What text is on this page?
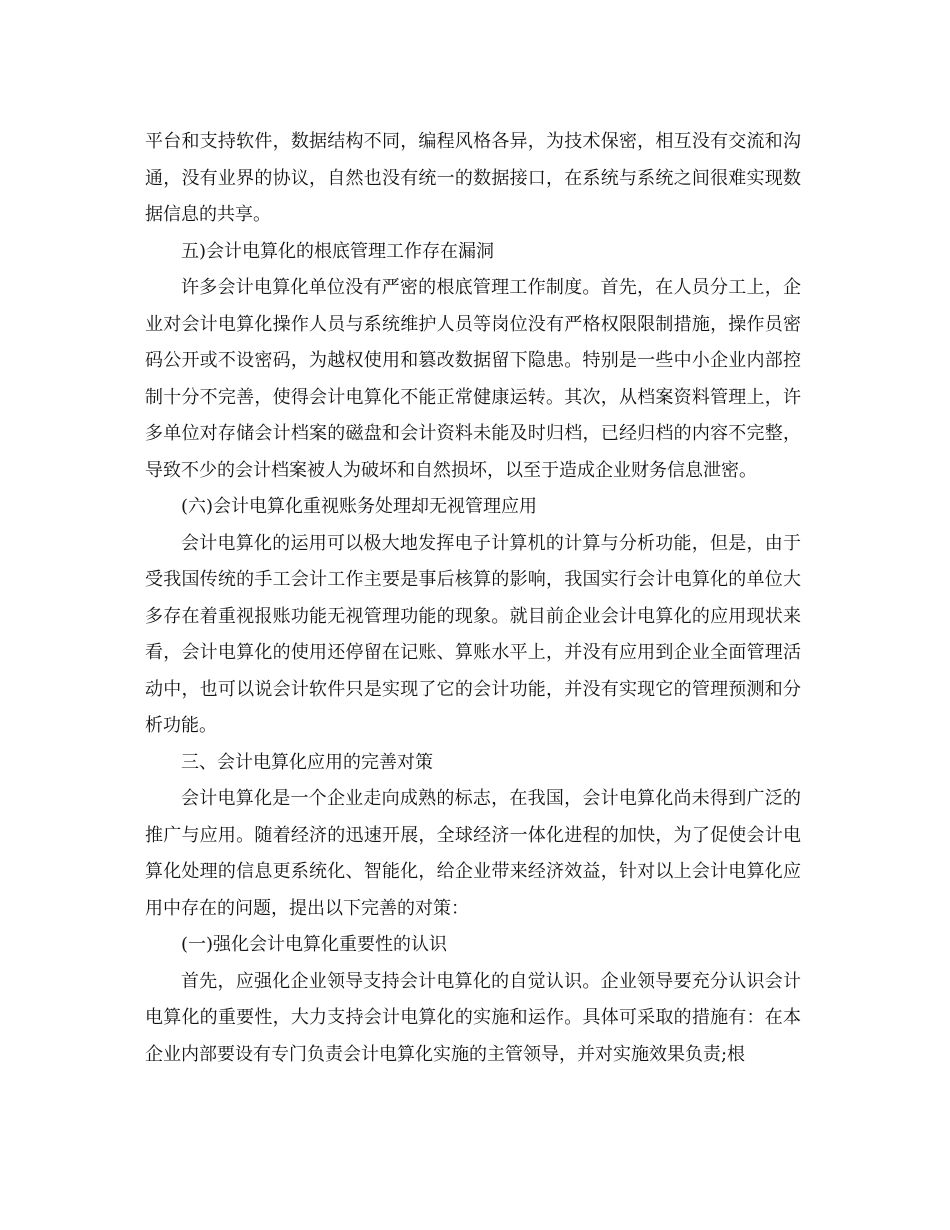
平台和支持软件，数据结构不同，编程风格各异，为技术保密，相互没有交流和沟通，没有业界的协议，自然也没有统一的数据接口，在系统与系统之间很难实现数据信息的共享。

五)会计电算化的根底管理工作存在漏洞

许多会计电算化单位没有严密的根底管理工作制度。首先，在人员分工上，企业对会计电算化操作人员与系统维护人员等岗位没有严格权限限制措施，操作员密码公开或不设密码，为越权使用和篡改数据留下隐患。特别是一些中小企业内部控制十分不完善，使得会计电算化不能正常健康运转。其次，从档案资料管理上，许多单位对存储会计档案的磁盘和会计资料未能及时归档，已经归档的内容不完整，导致不少的会计档案被人为破坏和自然损坏，以至于造成企业财务信息泄密。

(六)会计电算化重视账务处理却无视管理应用

会计电算化的运用可以极大地发挥电子计算机的计算与分析功能，但是，由于受我国传统的手工会计工作主要是事后核算的影响，我国实行会计电算化的单位大多存在着重视报账功能无视管理功能的现象。就目前企业会计电算化的应用现状来看，会计电算化的使用还停留在记账、算账水平上，并没有应用到企业全面管理活动中，也可以说会计软件只是实现了它的会计功能，并没有实现它的管理预测和分析功能。

三、会计电算化应用的完善对策

会计电算化是一个企业走向成熟的标志，在我国，会计电算化尚未得到广泛的推广与应用。随着经济的迅速开展，全球经济一体化进程的加快，为了促使会计电算化处理的信息更系统化、智能化，给企业带来经济效益，针对以上会计电算化应用中存在的问题，提出以下完善的对策：

(一)强化会计电算化重要性的认识

首先，应强化企业领导支持会计电算化的自觉认识。企业领导要充分认识会计电算化的重要性，大力支持会计电算化的实施和运作。具体可采取的措施有：在本企业内部要设有专门负责会计电算化实施的主管领导，并对实施效果负责;根
